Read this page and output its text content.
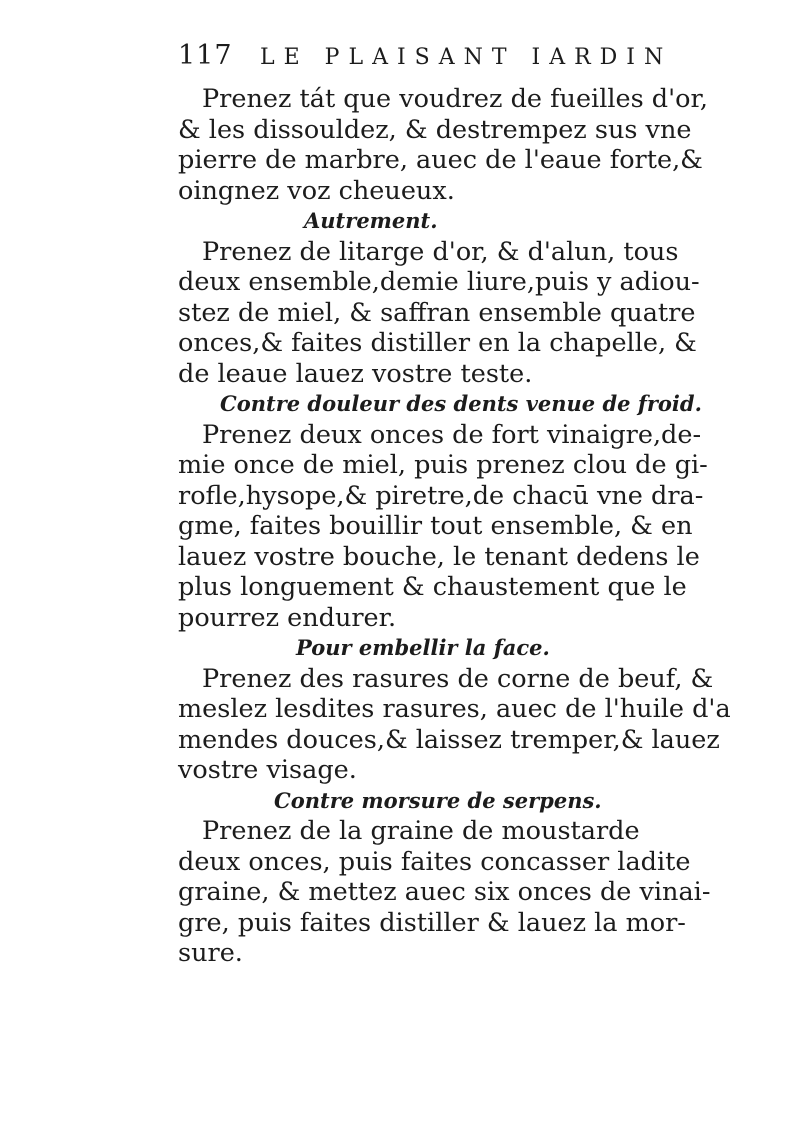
117	LE PLAISANT IARDIN
Prenez tát que voudrez de fueilles d'or,
& les dissouldez, & destrempez sus vne
pierre de marbre, auec de l'eaue forte,&
oingnez voz cheueux.
Autrement.
Prenez de litarge d'or, & d'alun, tous
deux ensemble,demie liure,puis y adiou-
stez de miel, & saffran ensemble quatre
onces,& faites distiller en la chapelle, &
de leaue lauez vostre teste.
Contre douleur des dents venue de froid.
Prenez deux onces de fort vinaigre,de-
mie once de miel, puis prenez clou de gi-
rofle,hysope,& piretre,de chacū vne dra-
gme, faites bouillir tout ensemble, & en
lauez vostre bouche, le tenant dedens le
plus longuement & chaustement que le
pourrez endurer.
Pour embellir la face.
Prenez des rasures de corne de beuf, &
meslez lesdites rasures, auec de l'huile d'a
mendes douces,& laissez tremper,& lauez
vostre visage.
Contre morsure de serpens.
Prenez de la graine de moustarde
deux onces, puis faites concasser ladite
graine, & mettez auec six onces de vinai-
gre, puis faites distiller & lauez la mor-
sure.
